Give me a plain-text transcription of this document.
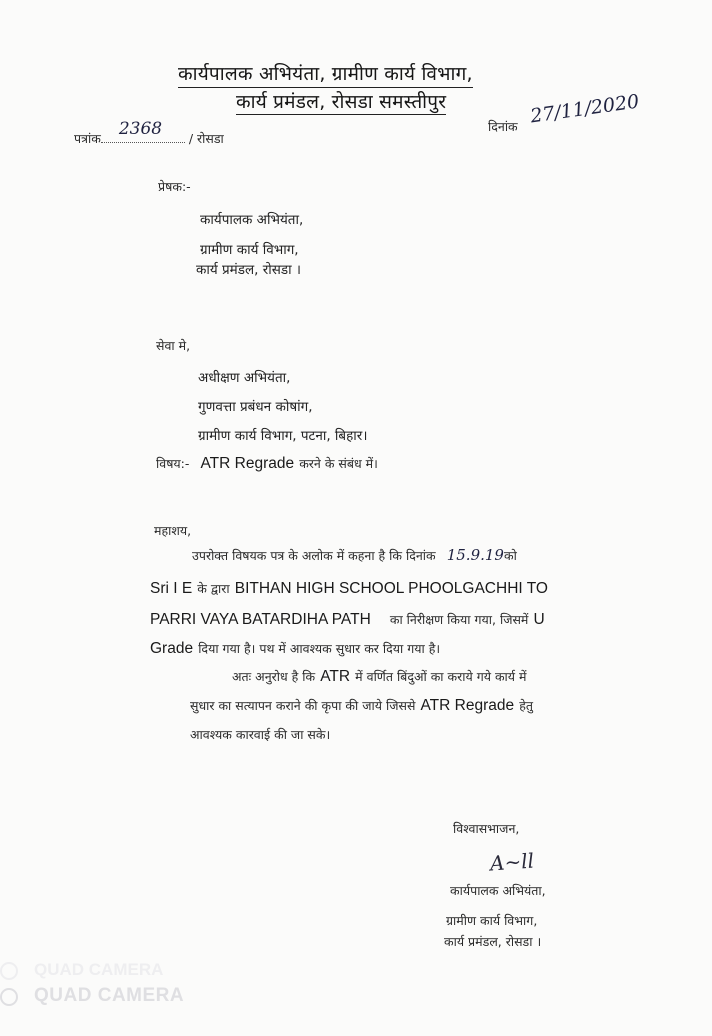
कार्यपालक अभियंता, ग्रामीण कार्य विभाग,
कार्य प्रमंडल, रोसडा समस्तीपुर
पत्रांक 2368 / रोसडा
दिनांक 27/11/2020
प्रेषक:-
कार्यपालक अभियंता,
ग्रामीण कार्य विभाग,
कार्य प्रमंडल, रोसडा ।
सेवा मे,
अधीक्षण अभियंता,
गुणवत्ता प्रबंधन कोषांग,
ग्रामीण कार्य विभाग, पटना, बिहार।
विषय:- ATR Regrade करने के संबंध में।
महाशय,
उपरोक्त विषयक पत्र के अलोक में कहना है कि दिनांक 15.9.19को
Sri I E के द्वारा BITHAN HIGH SCHOOL PHOOLGACHHI TO
PARRI VAYA BATARDIHA PATH का निरीक्षण किया गया, जिसमें U
Grade दिया गया है। पथ में आवश्यक सुधार कर दिया गया है।
अतः अनुरोध है कि ATR में वर्णित बिंदुओं का कराये गये कार्य में
सुधार का सत्यापन कराने की कृपा की जाये जिससे ATR Regrade हेतु
आवश्यक कारवाई की जा सके।
विश्वासभाजन,
A~ll
कार्यपालक अभियंता,
ग्रामीण कार्य विभाग,
कार्य प्रमंडल, रोसडा ।
QUAD CAMERA
QUAD CAMERA
